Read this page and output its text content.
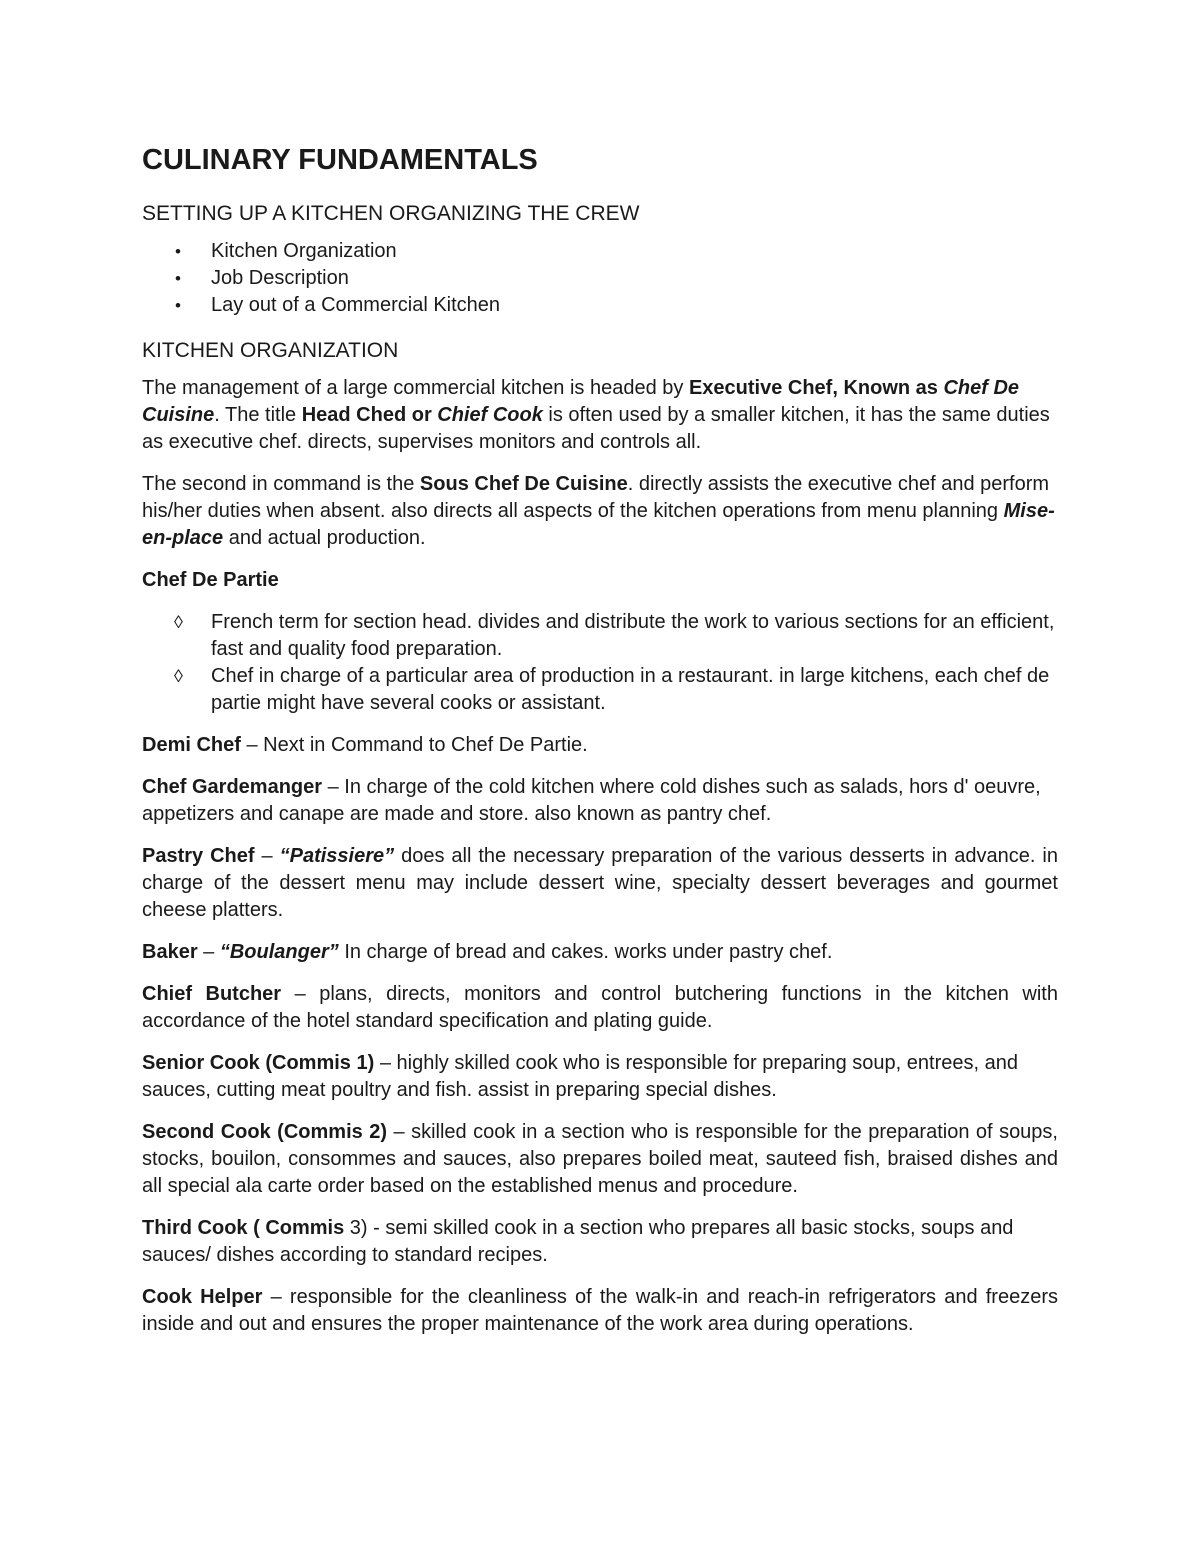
CULINARY FUNDAMENTALS
SETTING UP A KITCHEN ORGANIZING THE CREW
• Kitchen Organization
• Job Description
• Lay out of a Commercial Kitchen
KITCHEN ORGANIZATION

The management of a large commercial kitchen is headed by Executive Chef, Known as Chef De Cuisine. The title Head Ched or Chief Cook is often used by a smaller kitchen, it has the same duties as executive chef. directs, supervises monitors and controls all.

The second in command is the Sous Chef De Cuisine. directly assists the executive chef and perform his/her duties when absent. also directs all aspects of the kitchen operations from menu planning Mise-en-place and actual production.

Chef De Partie

◊ French term for section head. divides and distribute the work to various sections for an efficient, fast and quality food preparation.
◊ Chef in charge of a particular area of production in a restaurant. in large kitchens, each chef de partie might have several cooks or assistant.

Demi Chef – Next in Command to Chef De Partie.

Chef Gardemanger – In charge of the cold kitchen where cold dishes such as salads, hors d' oeuvre, appetizers and canape are made and store. also known as pantry chef.

Pastry Chef – “Patissiere” does all the necessary preparation of the various desserts in advance. in charge of the dessert menu may include dessert wine, specialty dessert beverages and gourmet cheese platters.

Baker – “Boulanger” In charge of bread and cakes. works under pastry chef.

Chief Butcher – plans, directs, monitors and control butchering functions in the kitchen with accordance of the hotel standard specification and plating guide.

Senior Cook (Commis 1) – highly skilled cook who is responsible for preparing soup, entrees, and sauces, cutting meat poultry and fish. assist in preparing special dishes.

Second Cook (Commis 2) – skilled cook in a section who is responsible for the preparation of soups, stocks, bouilon, consommes and sauces, also prepares boiled meat, sauteed fish, braised dishes and all special ala carte order based on the established menus and procedure.

Third Cook ( Commis 3) - semi skilled cook in a section who prepares all basic stocks, soups and sauces/ dishes according to standard recipes.

Cook Helper – responsible for the cleanliness of the walk-in and reach-in refrigerators and freezers inside and out and ensures the proper maintenance of the work area during operations.
